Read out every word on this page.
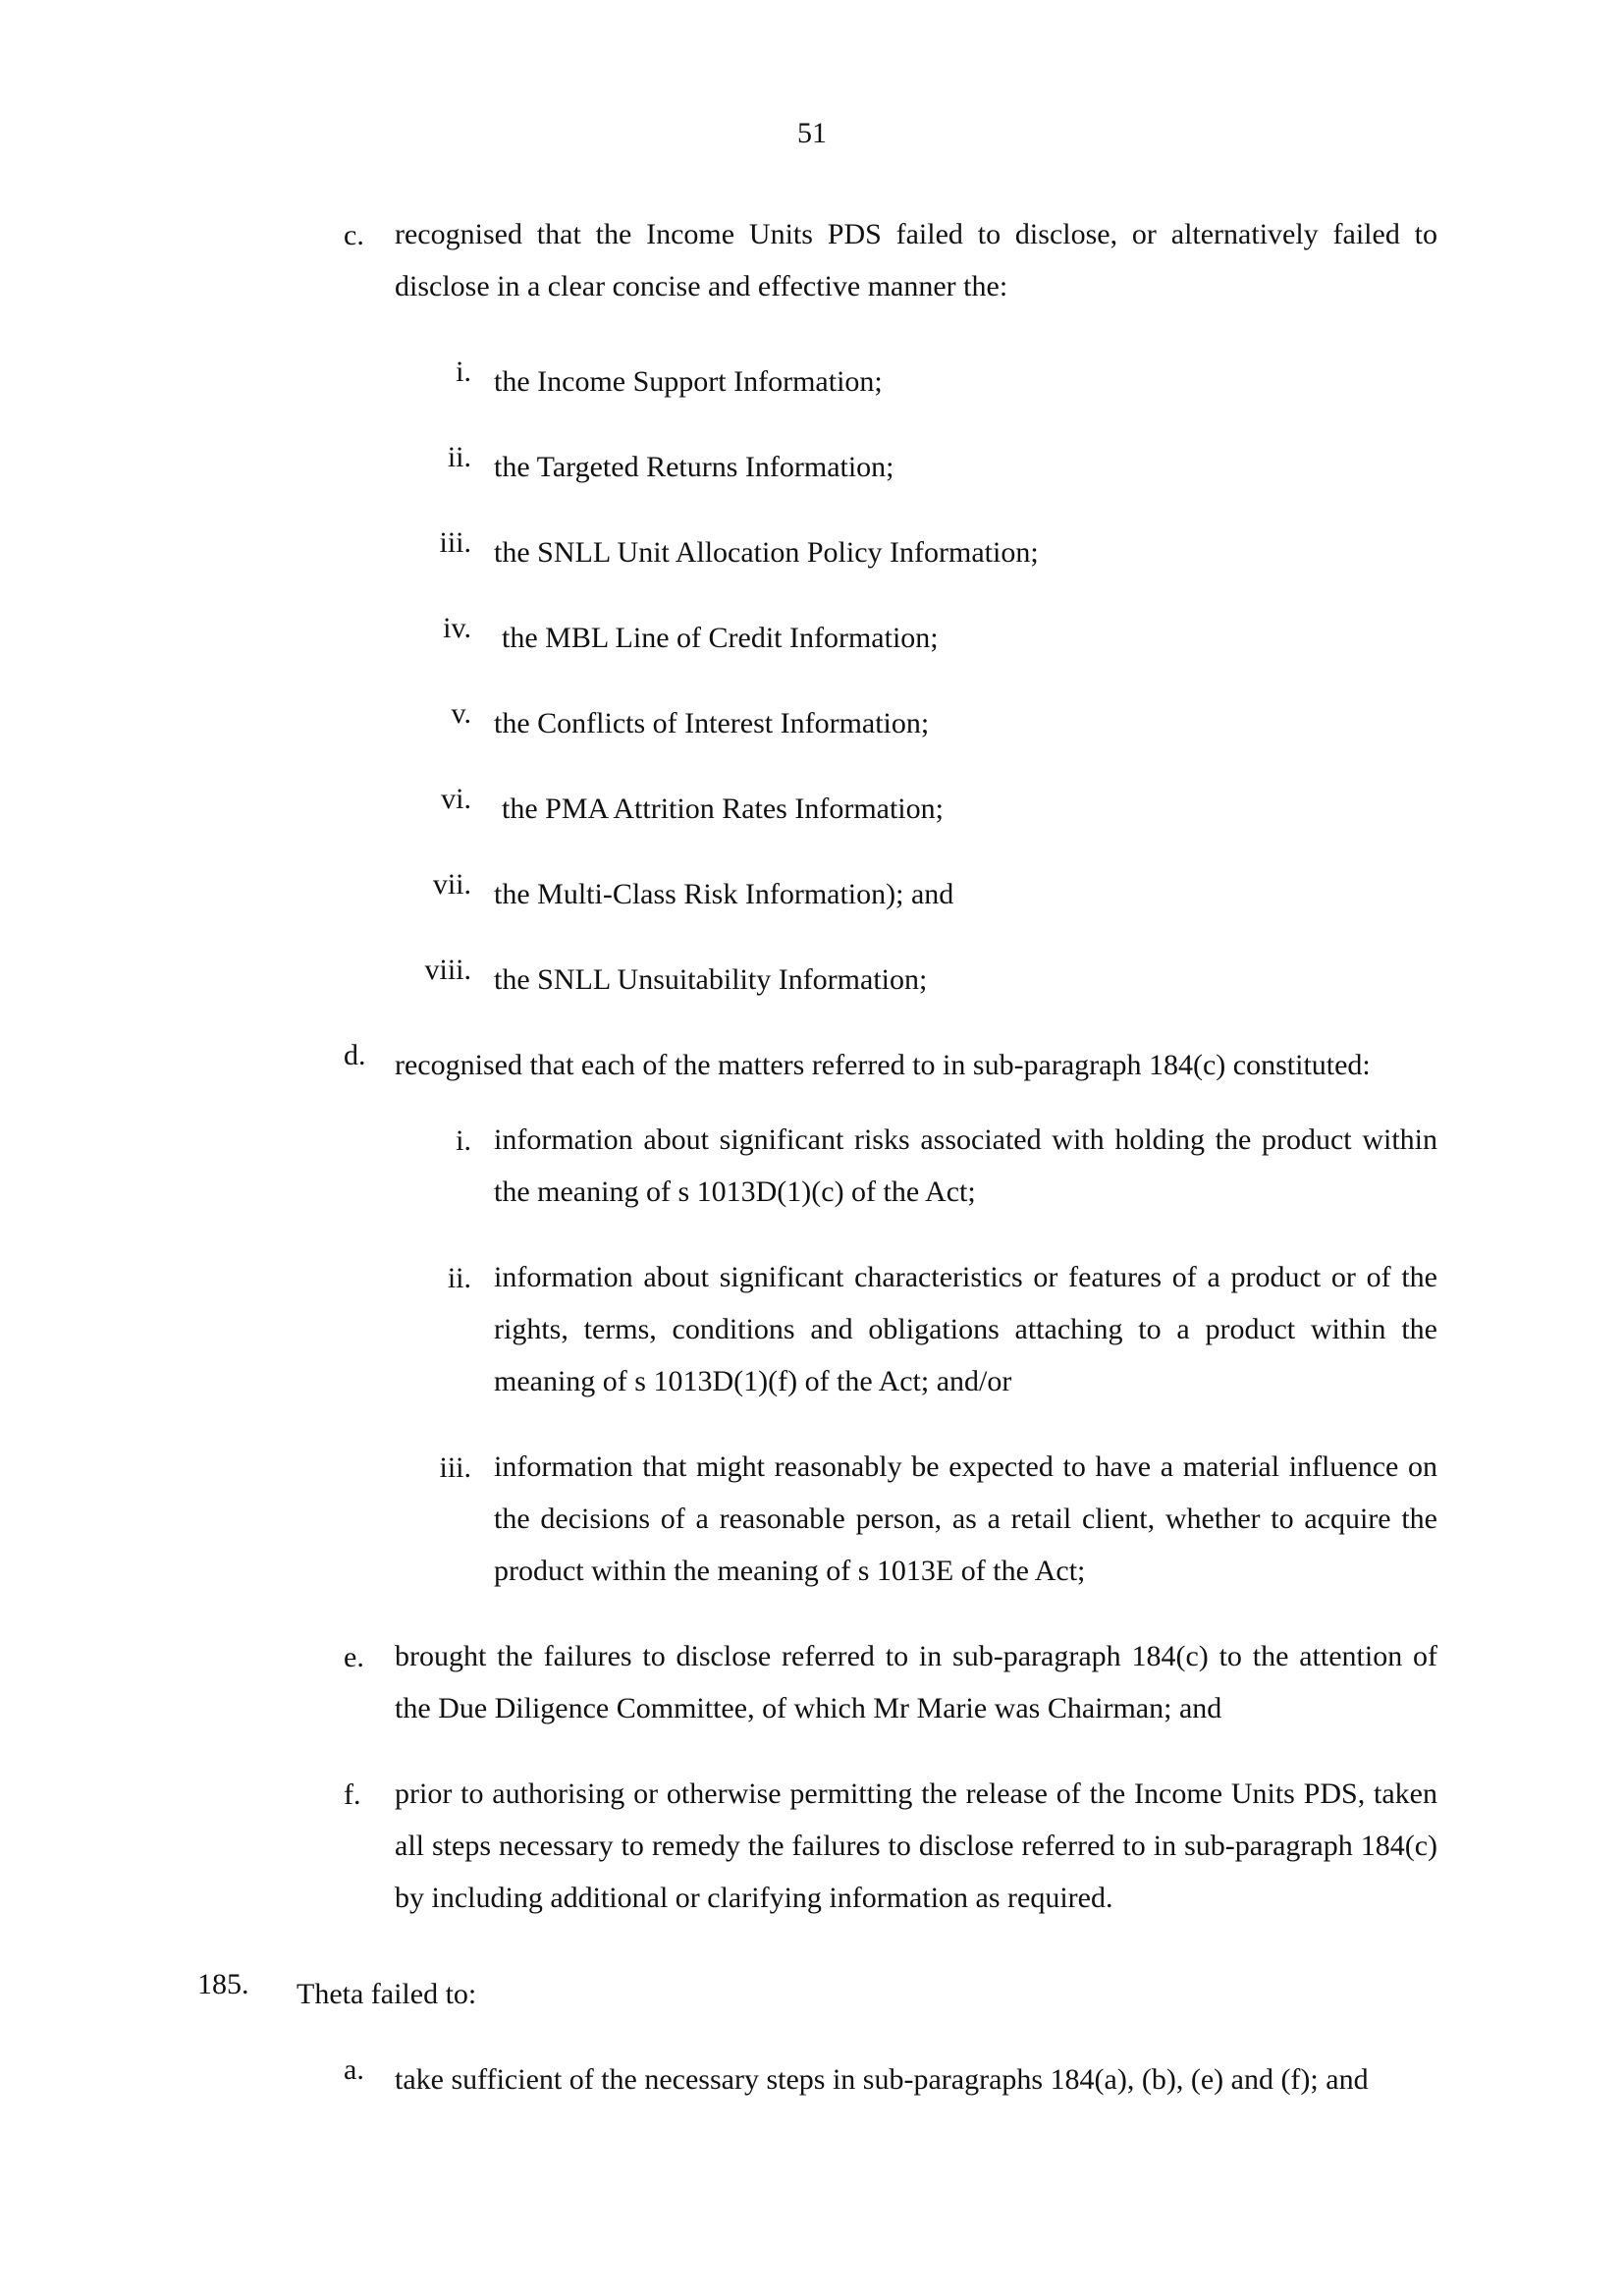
51
c.	recognised that the Income Units PDS failed to disclose, or alternatively failed to disclose in a clear concise and effective manner the:
i. the Income Support Information;
ii. the Targeted Returns Information;
iii. the SNLL Unit Allocation Policy Information;
iv. the MBL Line of Credit Information;
v. the Conflicts of Interest Information;
vi. the PMA Attrition Rates Information;
vii. the Multi-Class Risk Information); and
viii. the SNLL Unsuitability Information;
d. recognised that each of the matters referred to in sub-paragraph 184(c) constituted:
i. information about significant risks associated with holding the product within the meaning of s 1013D(1)(c) of the Act;
ii. information about significant characteristics or features of a product or of the rights, terms, conditions and obligations attaching to a product within the meaning of s 1013D(1)(f) of the Act; and/or
iii. information that might reasonably be expected to have a material influence on the decisions of a reasonable person, as a retail client, whether to acquire the product within the meaning of s 1013E of the Act;
e.	brought the failures to disclose referred to in sub-paragraph 184(c) to the attention of the Due Diligence Committee, of which Mr Marie was Chairman; and
f.	prior to authorising or otherwise permitting the release of the Income Units PDS, taken all steps necessary to remedy the failures to disclose referred to in sub-paragraph 184(c) by including additional or clarifying information as required.
185.	Theta failed to:
a.	take sufficient of the necessary steps in sub-paragraphs 184(a), (b), (e) and (f); and
